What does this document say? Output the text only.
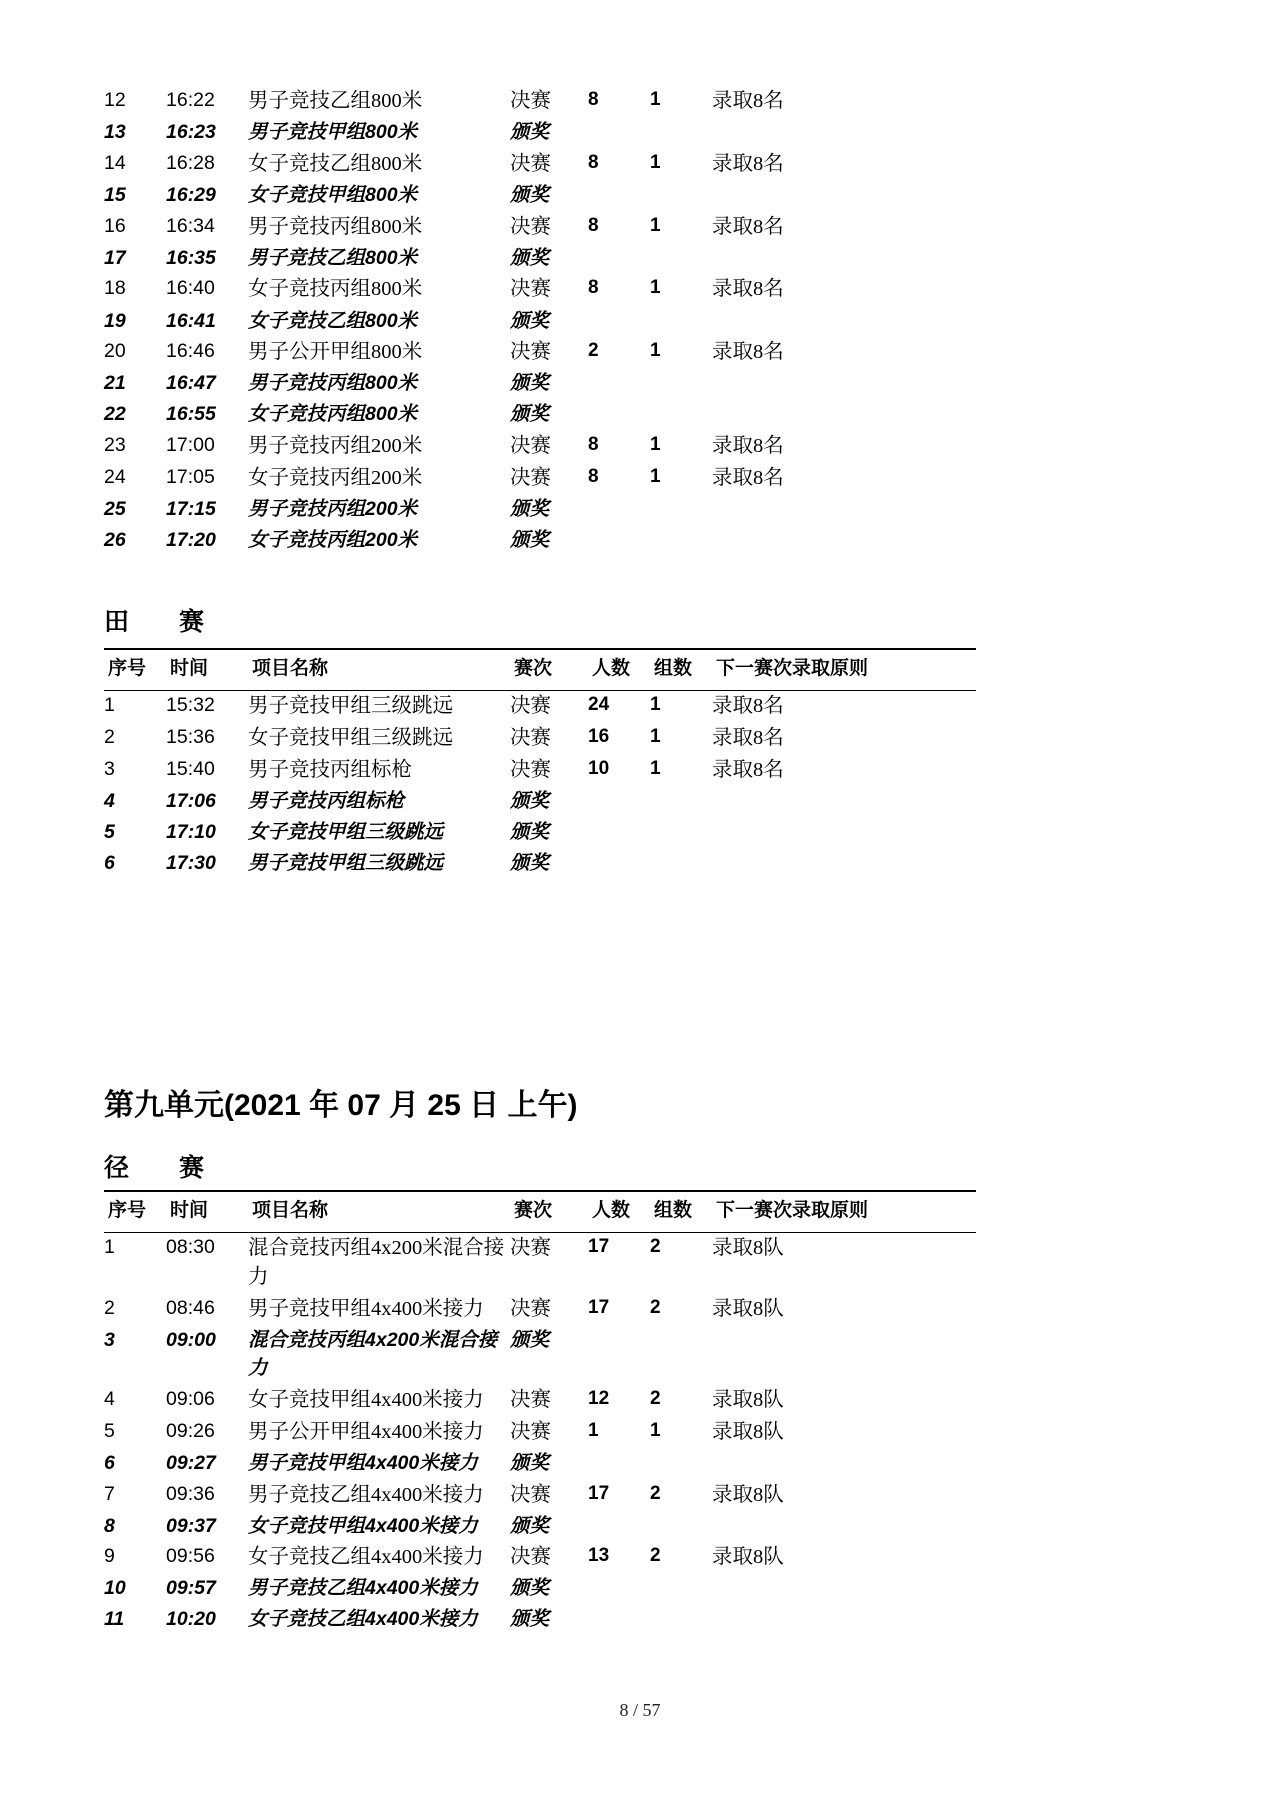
12	16:22	男子竞技乙组800米	决赛	8	1	录取8名
13	16:23	男子竞技甲组800米	颁奖			
14	16:28	女子竞技乙组800米	决赛	8	1	录取8名
15	16:29	女子竞技甲组800米	颁奖			
16	16:34	男子竞技丙组800米	决赛	8	1	录取8名
17	16:35	男子竞技乙组800米	颁奖			
18	16:40	女子竞技丙组800米	决赛	8	1	录取8名
19	16:41	女子竞技乙组800米	颁奖			
20	16:46	男子公开甲组800米	决赛	2	1	录取8名
21	16:47	男子竞技丙组800米	颁奖			
22	16:55	女子竞技丙组800米	颁奖			
23	17:00	男子竞技丙组200米	决赛	8	1	录取8名
24	17:05	女子竞技丙组200米	决赛	8	1	录取8名
25	17:15	男子竞技丙组200米	颁奖			
26	17:20	女子竞技丙组200米	颁奖			
田　　赛
序号	时间	项目名称	赛次	人数	组数	下一赛次录取原则
1	15:32	男子竞技甲组三级跳远	决赛	24	1	录取8名
2	15:36	女子竞技甲组三级跳远	决赛	16	1	录取8名
3	15:40	男子竞技丙组标枪	决赛	10	1	录取8名
4	17:06	男子竞技丙组标枪	颁奖			
5	17:10	女子竞技甲组三级跳远	颁奖			
6	17:30	男子竞技甲组三级跳远	颁奖			
第九单元(2021 年 07 月 25 日 上午)
径　　赛
序号	时间	项目名称	赛次	人数	组数	下一赛次录取原则
1	08:30	混合竞技丙组4x200米混合接力	决赛	17	2	录取8队
2	08:46	男子竞技甲组4x400米接力	决赛	17	2	录取8队
3	09:00	混合竞技丙组4x200米混合接力	颁奖			
4	09:06	女子竞技甲组4x400米接力	决赛	12	2	录取8队
5	09:26	男子公开甲组4x400米接力	决赛	1	1	录取8队
6	09:27	男子竞技甲组4x400米接力	颁奖			
7	09:36	男子竞技乙组4x400米接力	决赛	17	2	录取8队
8	09:37	女子竞技甲组4x400米接力	颁奖			
9	09:56	女子竞技乙组4x400米接力	决赛	13	2	录取8队
10	09:57	男子竞技乙组4x400米接力	颁奖			
11	10:20	女子竞技乙组4x400米接力	颁奖			
8 / 57
